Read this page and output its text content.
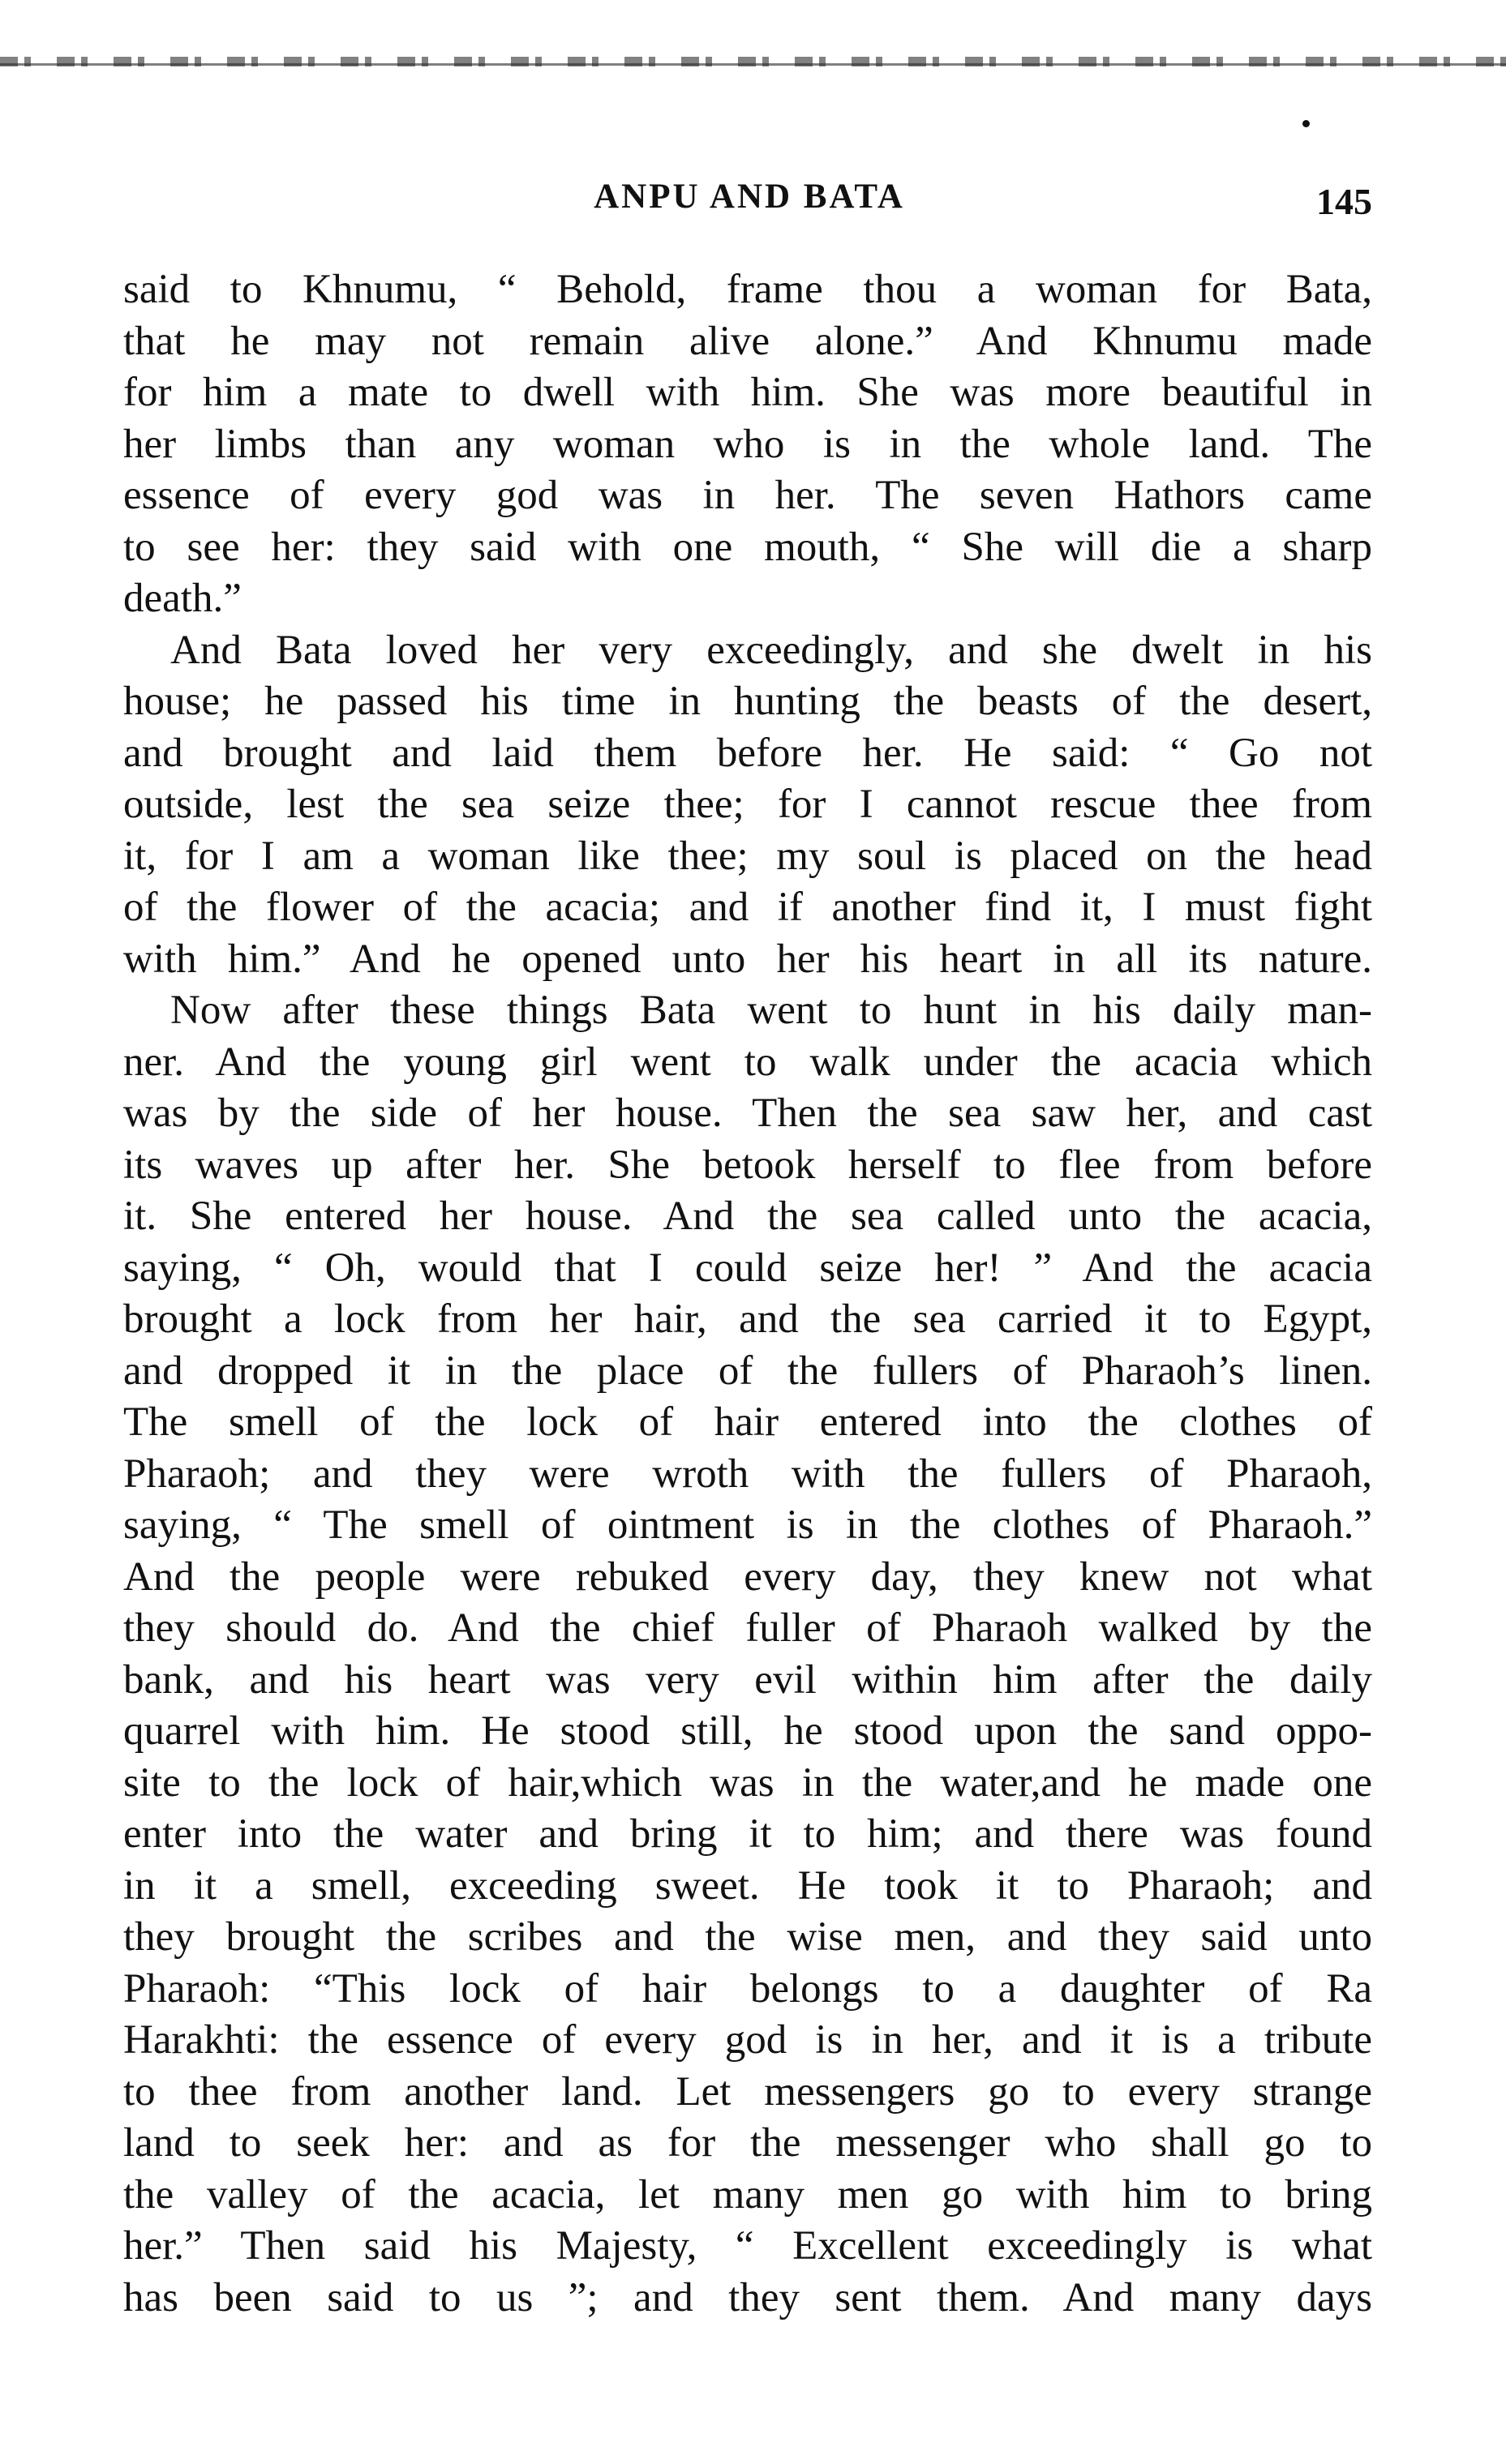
ANPU AND BATA	145
said to Khnumu, “ Behold, frame thou a woman for Bata,
that he may not remain alive alone.” And Khnumu made
for him a mate to dwell with him. She was more beautiful in
her limbs than any woman who is in the whole land. The
essence of every god was in her. The seven Hathors came
to see her: they said with one mouth, “ She will die a sharp
death.”
And Bata loved her very exceedingly, and she dwelt in his
house; he passed his time in hunting the beasts of the desert,
and brought and laid them before her. He said: “ Go not
outside, lest the sea seize thee; for I cannot rescue thee from
it, for I am a woman like thee; my soul is placed on the head
of the flower of the acacia; and if another find it, I must fight
with him.” And he opened unto her his heart in all its nature.
Now after these things Bata went to hunt in his daily man-
ner. And the young girl went to walk under the acacia which
was by the side of her house. Then the sea saw her, and cast
its waves up after her. She betook herself to flee from before
it. She entered her house. And the sea called unto the acacia,
saying, “ Oh, would that I could seize her! ” And the acacia
brought a lock from her hair, and the sea carried it to Egypt,
and dropped it in the place of the fullers of Pharaoh’s linen.
The smell of the lock of hair entered into the clothes of
Pharaoh; and they were wroth with the fullers of Pharaoh,
saying, “ The smell of ointment is in the clothes of Pharaoh.”
And the people were rebuked every day, they knew not what
they should do. And the chief fuller of Pharaoh walked by the
bank, and his heart was very evil within him after the daily
quarrel with him. He stood still, he stood upon the sand oppo-
site to the lock of hair,which was in the water,and he made one
enter into the water and bring it to him; and there was found
in it a smell, exceeding sweet. He took it to Pharaoh; and
they brought the scribes and the wise men, and they said unto
Pharaoh: “This lock of hair belongs to a daughter of Ra
Harakhti: the essence of every god is in her, and it is a tribute
to thee from another land. Let messengers go to every strange
land to seek her: and as for the messenger who shall go to
the valley of the acacia, let many men go with him to bring
her.” Then said his Majesty, “ Excellent exceedingly is what
has been said to us ”; and they sent them. And many days
